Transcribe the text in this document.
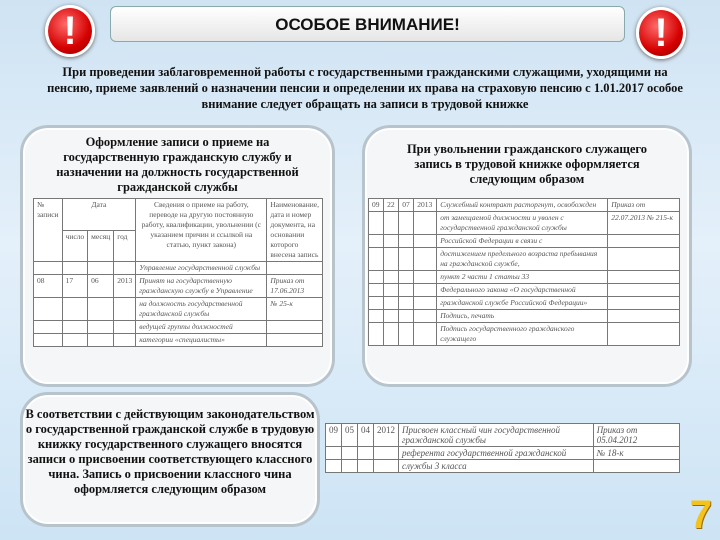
!	!
ОСОБОЕ ВНИМАНИЕ!
При проведении заблаговременной работы с государственными гражданскими служащими, уходящими на пенсию, приеме заявлений о назначении пенсии и определении их права на страховую пенсию с 1.01.2017 особое внимание следует обращать на записи в трудовой книжке
Оформление записи о приеме на государственную гражданскую службу и назначении на должность государственной гражданской службы
№ записи	Дата			Сведения о приеме на работу, переводе на другую постоянную работу, квалификации, увольнении (с указанием причин и ссылкой на статью, пункт закона)	Наименование, дата и номер документа, на основании которого внесена запись
	число	месяц	год		
				Управление государственной службы	
08	17	06	2013	Принят на государственную гражданскую службу в Управление	Приказ от 17.06.2013
				на должность государственной гражданской службы	№ 25-к
				ведущей группы должностей	
				категории «специалисты»	
При увольнении гражданского служащего запись в трудовой книжке оформляется следующим образом
09	22	07	2013	Служебный контракт расторгнут, освобожден	Приказ от
				от замещаемой должности и уволен с государственной гражданской службы	22.07.2013 № 215-к
				Российской Федерации в связи с	
				достижением предельного возраста пребывания на гражданской службе,	
				пункт 2 части 1 статьи 33	
				Федерального закона «О государственной	
				гражданской службе Российской Федерации»	
				Подпись, печать	
				Подпись государственного гражданского служащего	
В соответствии с действующим законодательством о государственной гражданской службе в трудовую книжку государственного служащего вносятся записи о присвоении соответствующего классного чина. Запись о присвоении классного чина оформляется следующим образом
09	05	04	2012	Присвоен классный чин государственной гражданской службы	Приказ от 05.04.2012
				референта государственной гражданской	№ 18-к
				службы 3 класса	
7
